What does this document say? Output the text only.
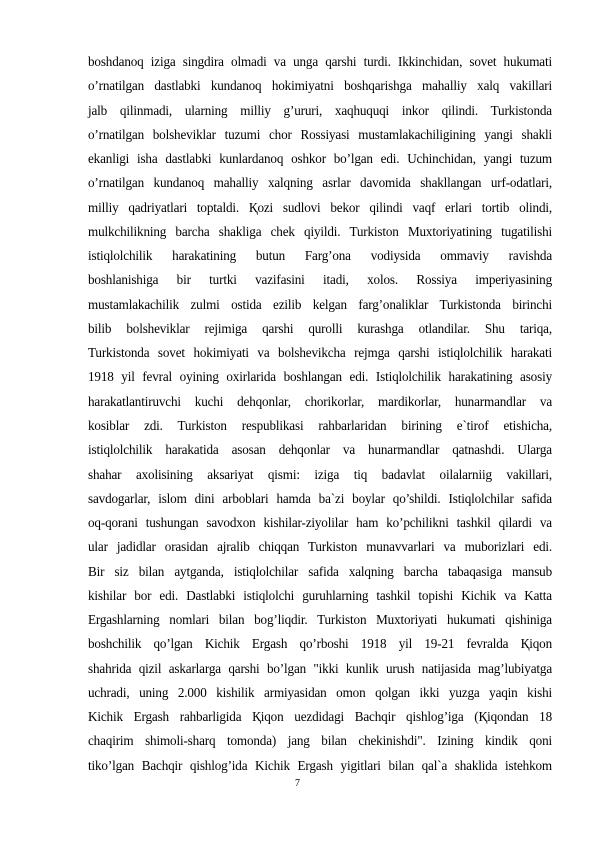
boshdanoq iziga singdira olmadi va unga qarshi turdi. Ikkinchidan, sovet hukumati
o’rnatilgan dastlabki kundanoq hokimiyatni boshqarishga mahalliy xalq vakillari
jalb qilinmadi, ularning milliy g’ururi, xaqhuquqi inkor qilindi. Turkistonda
o’rnatilgan bolsheviklar tuzumi chor Rossiyasi mustamlakachiligining yangi shakli
ekanligi isha dastlabki kunlardanoq oshkor bo’lgan edi. Uchinchidan, yangi tuzum
o’rnatilgan kundanoq mahalliy xalqning asrlar davomida shakllangan urf-odatlari,
milliy qadriyatlari toptaldi. Қozi sudlovi bekor qilindi vaqf erlari tortib olindi,
mulkchilikning barcha shakliga chek qiyildi. Turkiston Muxtoriyatining tugatilishi
istiqlolchilik harakatining butun Farg’ona vodiysida ommaviy ravishda
boshlanishiga bir turtki vazifasini itadi, xolos. Rossiya imperiyasining
mustamlakachilik zulmi ostida ezilib kelgan farg’onaliklar Turkistonda birinchi
bilib bolsheviklar rejimiga qarshi qurolli kurashga otlandilar. Shu tariqa,
Turkistonda sovet hokimiyati va bolshevikcha rejmga qarshi istiqlolchilik harakati
1918 yil fevral oyining oxirlarida boshlangan edi. Istiqlolchilik harakatining asosiy
harakatlantiruvchi kuchi dehqonlar, chorikorlar, mardikorlar, hunarmandlar va
kosiblar zdi. Turkiston respublikasi rahbarlaridan birining e`tirof etishicha,
istiqlolchilik harakatida asosan dehqonlar va hunarmandlar qatnashdi. Ularga
shahar axolisining aksariyat qismi: iziga tiq badavlat oilalarniig vakillari,
savdogarlar, islom dini arboblari hamda ba`zi boylar qo’shildi. Istiqlolchilar safida
oq-qorani tushungan savodxon kishilar-ziyolilar ham ko’pchilikni tashkil qilardi va
ular jadidlar orasidan ajralib chiqqan Turkiston munavvarlari va muborizlari edi.
Bir siz bilan aytganda, istiqlolchilar safida xalqning barcha tabaqasiga mansub
kishilar bor edi. Dastlabki istiqlolchi guruhlarning tashkil topishi Kichik va Katta
Ergashlarning nomlari bilan bog’liqdir. Turkiston Muxtoriyati hukumati qishiniga
boshchilik qo’lgan Kichik Ergash qo’rboshi 1918 yil 19-21 fevralda Қiqon
shahrida qizil askarlarga qarshi bo’lgan "ikki kunlik urush natijasida mag’lubiyatga
uchradi, uning 2.000 kishilik armiyasidan omon qolgan ikki yuzga yaqin kishi
Kichik Ergash rahbarligida Қiqon uezdidagi Bachqir qishlog’iga (Қiqondan 18
chaqirim shimoli-sharq tomonda) jang bilan chekinishdi". Izining kindik qoni
tiko’lgan Bachqir qishlog’ida Kichik Ergash yigitlari bilan qal`a shaklida istehkom
7
